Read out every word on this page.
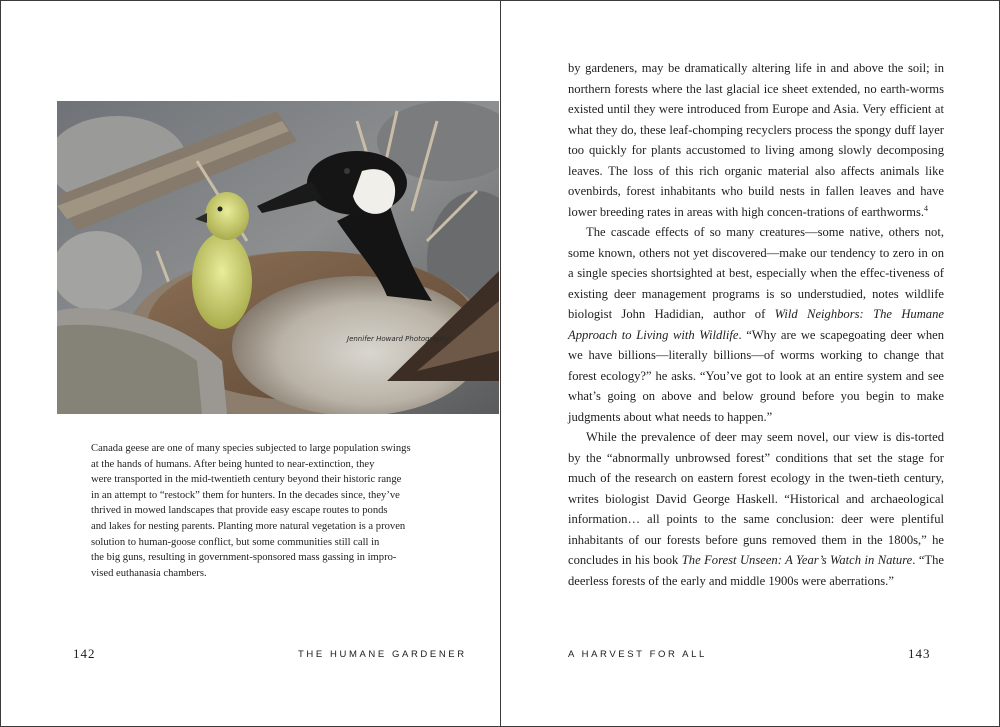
Jennifer Howard Photography

Canada geese are one of many species subjected to large population swings

at the hands of humans. After being hunted to near-extinction, they

were transported in the mid-twentieth century beyond their historic range

in an attempt to “restock” them for hunters. In the decades since, they’ve

thrived in mowed landscapes that provide easy escape routes to ponds

and lakes for nesting parents. Planting more natural vegetation is a proven

solution to human-goose conflict, but some communities still call in

the big guns, resulting in government-sponsored mass gassing in impro-

vised euthanasia chambers.

142	THE HUMANE GARDENER

by gardeners, may be dramatically altering life in and above the soil; in northern forests where the last glacial ice sheet extended, no earth-worms existed until they were introduced from Europe and Asia. Very efficient at what they do, these leaf-chomping recyclers process the spongy duff layer too quickly for plants accustomed to living among slowly decomposing leaves. The loss of this rich organic material also affects animals like ovenbirds, forest inhabitants who build nests in fallen leaves and have lower breeding rates in areas with high concen-trations of earthworms.$^4$

The cascade effects of so many creatures—some native, others not, some known, others not yet discovered—make our tendency to zero in on a single species shortsighted at best, especially when the effec-tiveness of existing deer management programs is so understudied, notes wildlife biologist John Hadidian, author of Wild Neighbors: The Humane Approach to Living with Wildlife. “Why are we scapegoating deer when we have billions—literally billions—of worms working to change that forest ecology?” he asks. “You’ve got to look at an entire system and see what’s going on above and below ground before you begin to make judgments about what needs to happen.”

While the prevalence of deer may seem novel, our view is dis-torted by the “abnormally unbrowsed forest” conditions that set the stage for much of the research on eastern forest ecology in the twen-tieth century, writes biologist David George Haskell. “Historical and archaeological information… all points to the same conclusion: deer were plentiful inhabitants of our forests before guns removed them in the 1800s,” he concludes in his book The Forest Unseen: A Year’s Watch in Nature. “The deerless forests of the early and middle 1900s were aberrations.”

A HARVEST FOR ALL	143
